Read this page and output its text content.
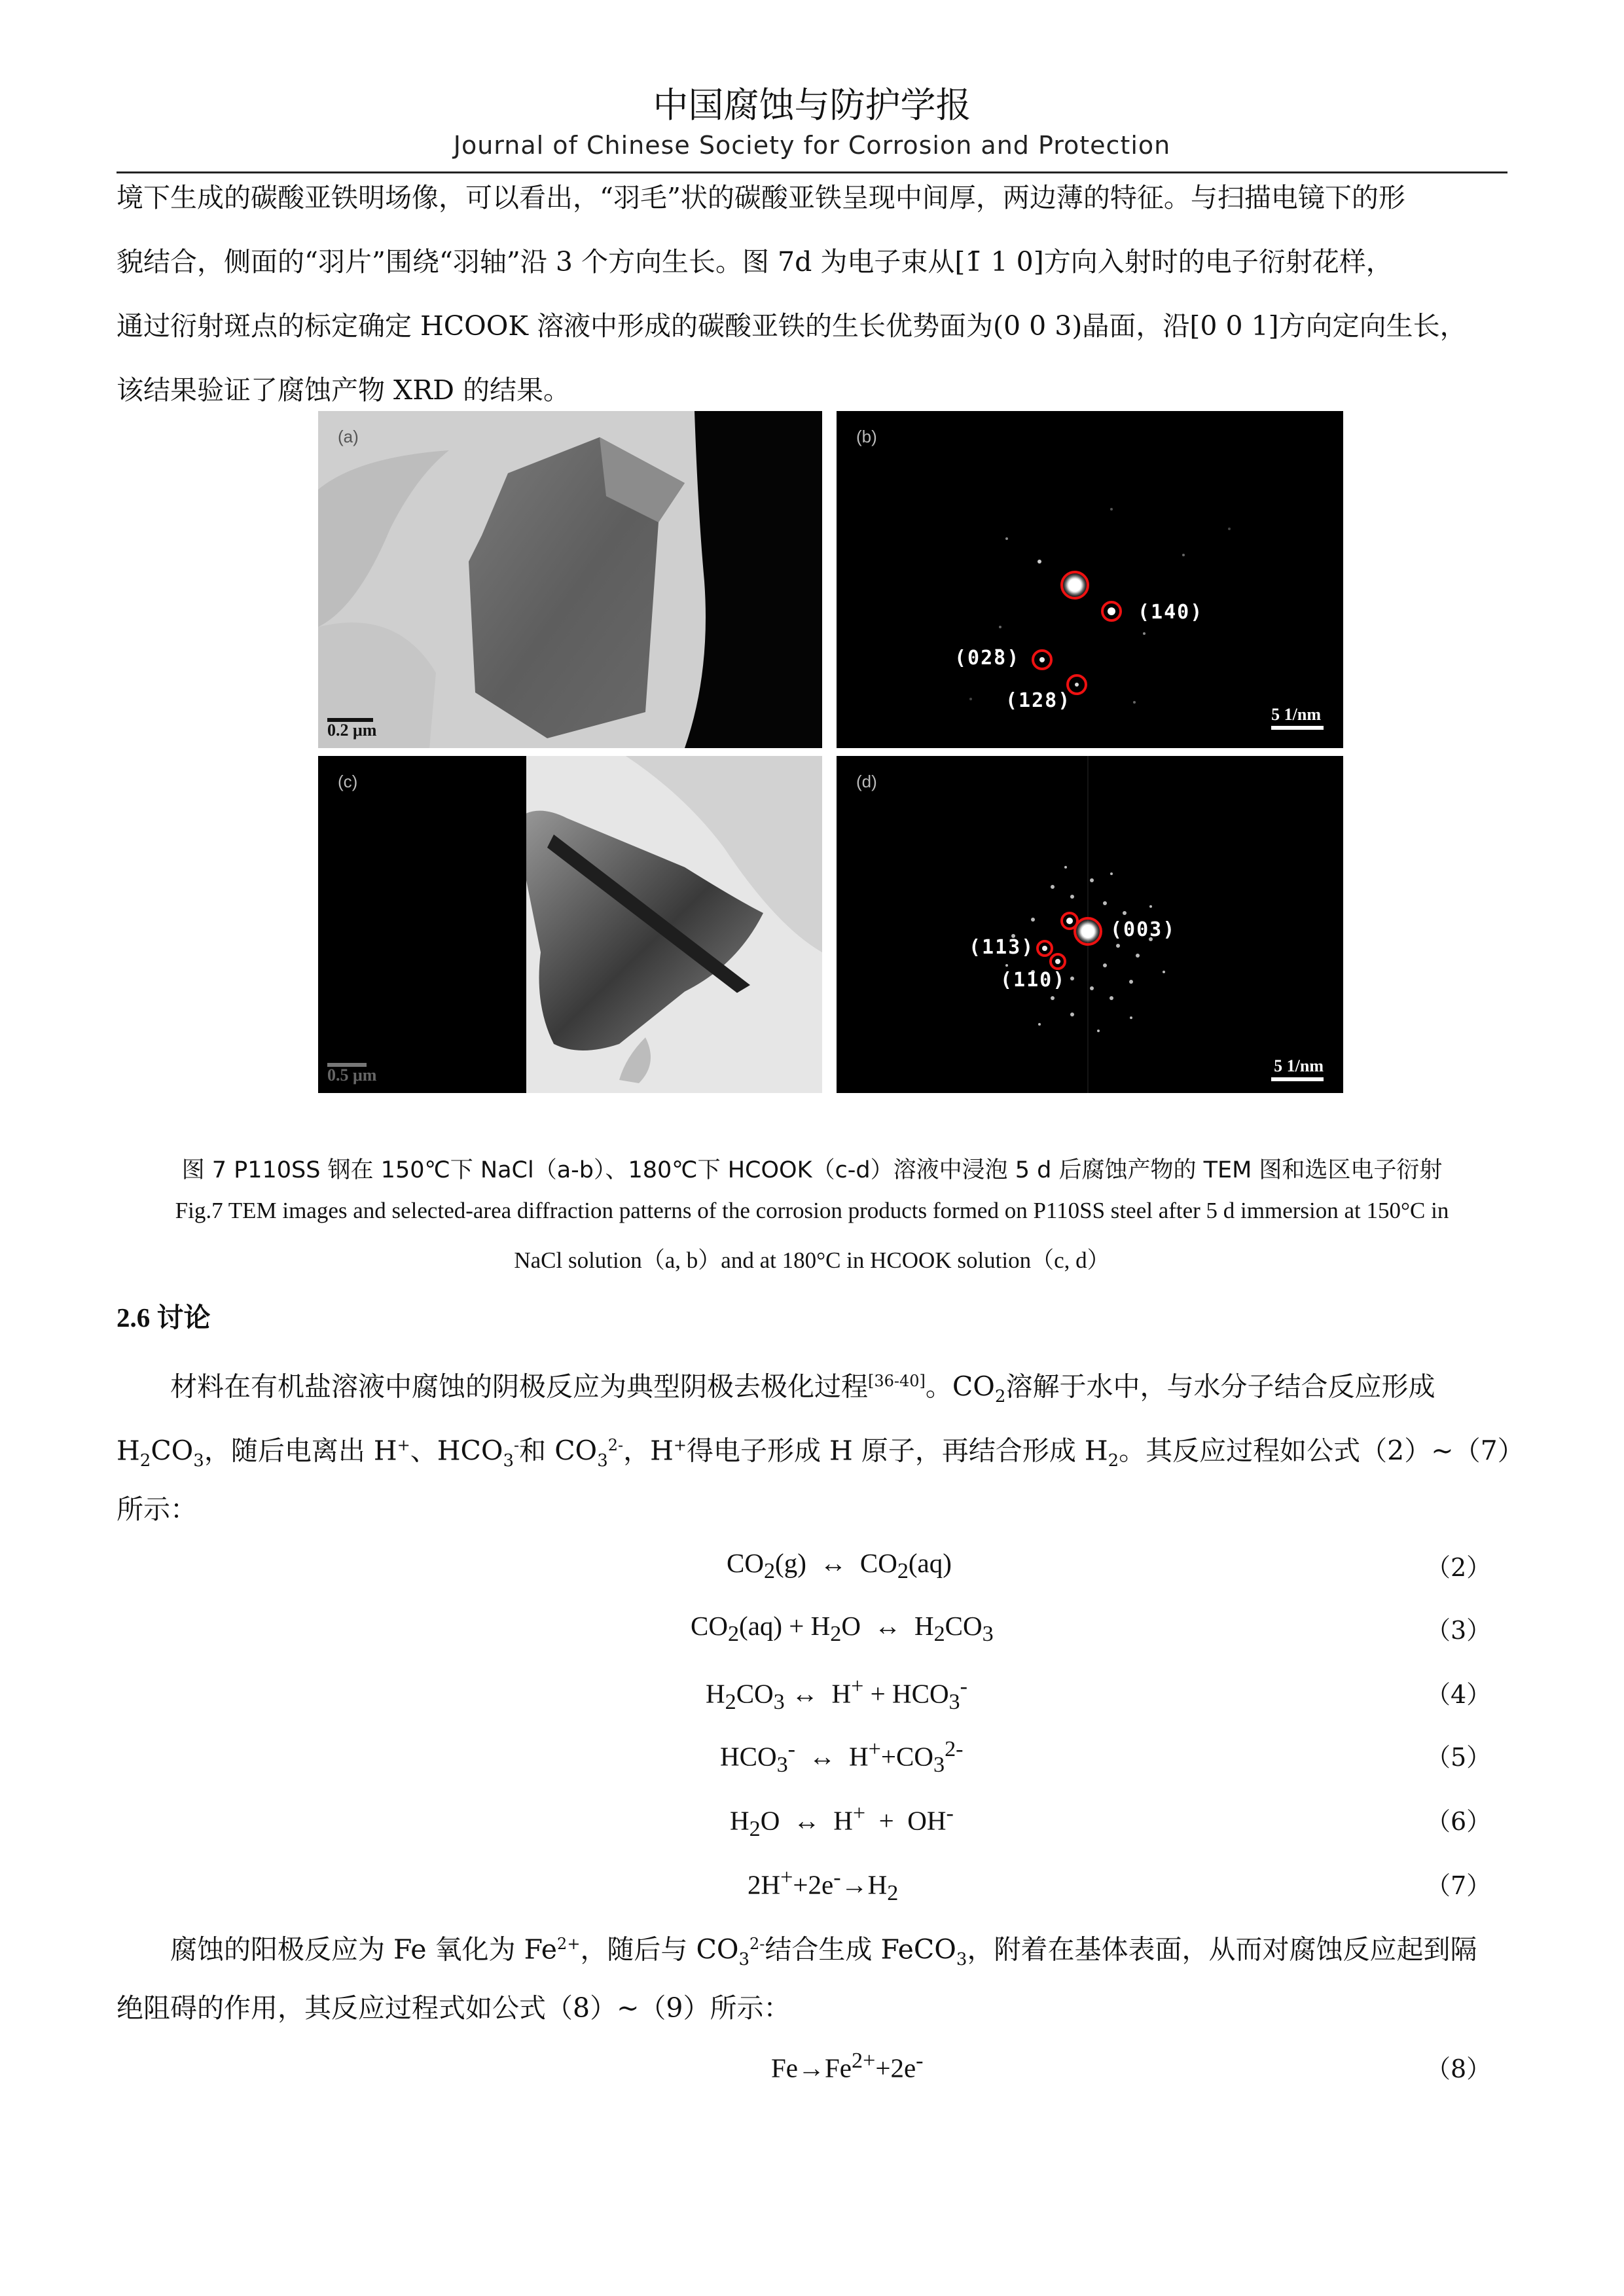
中国腐蚀与防护学报
Journal of Chinese Society for Corrosion and Protection
境下生成的碳酸亚铁明场像，可以看出，“羽毛”状的碳酸亚铁呈现中间厚，两边薄的特征。与扫描电镜下的形
貌结合，侧面的“羽片”围绕“羽轴”沿 3 个方向生长。图 7d 为电子束从[1̄ 1 0]方向入射时的电子衍射花样，
通过衍射斑点的标定确定 HCOOK 溶液中形成的碳酸亚铁的生长优势面为(0 0 3)晶面，沿[0 0 1]方向定向生长，
该结果验证了腐蚀产物 XRD 的结果。
(a)
0.2 μm
(b)
(140)
(02̄8)
(128)
5 1/nm
(c)
0.5 μm
(d)
(003)
(113)
(110)
5 1/nm
图 7 P110SS 钢在 150℃下 NaCl（a-b）、180℃下 HCOOK（c-d）溶液中浸泡 5 d 后腐蚀产物的 TEM 图和选区电子衍射
Fig.7 TEM images and selected-area diffraction patterns of the corrosion products formed on P110SS steel after 5 d immersion at 150°C in
NaCl solution（a, b）and at 180°C in HCOOK solution（c, d）
2.6 讨论
材料在有机盐溶液中腐蚀的阴极反应为典型阴极去极化过程[36-40]。$CO_2$溶解于水中，与水分子结合反应形成
$H_2CO_3$，随后电离出 H+、$HCO_3^-$和 $CO_3^{2-}$，H+得电子形成 H 原子，再结合形成 $H_2$。其反应过程如公式（2）~（7）
所示：
$CO_2(g)$  ↔  $CO_2(aq)$	（2）
$CO_2(aq) + H_2O$  ↔  $H_2CO_3$	（3）
$H_2CO_3$ ↔  $H^+ + HCO_3^-$	（4）
$HCO_3^-$  ↔  $H^++CO_3^{2-}$	（5）
$H_2O$  ↔  H+  +  OH-	（6）
$2H^++2e^-\to H_2$	（7）
腐蚀的阳极反应为 Fe 氧化为 $Fe^{2+}$，随后与 $CO_3^{2-}$结合生成 FeCO$_3$，附着在基体表面，从而对腐蚀反应起到隔
绝阻碍的作用，其反应过程式如公式（8）~（9）所示：
$Fe\to Fe^{2+}+2e^-$	（8）
